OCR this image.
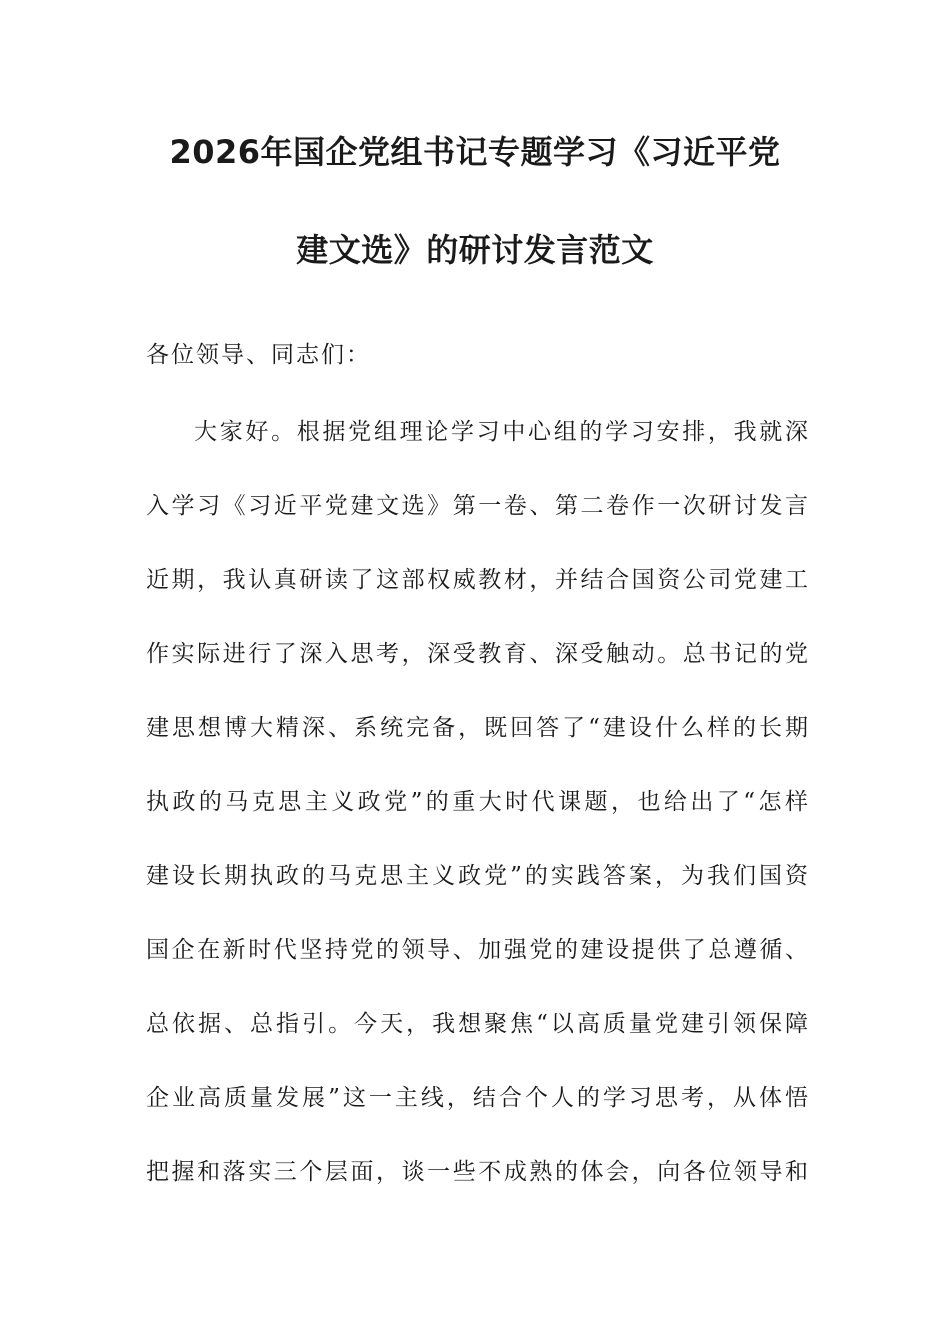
2026年国企党组书记专题学习《习近平党
建文选》的研讨发言范文
各位领导、同志们：
大家好。根据党组理论学习中心组的学习安排，我就深
入学习《习近平党建文选》第一卷、第二卷作一次研讨发言
近期，我认真研读了这部权威教材，并结合国资公司党建工
作实际进行了深入思考，深受教育、深受触动。总书记的党
建思想博大精深、系统完备，既回答了“建设什么样的长期
执政的马克思主义政党”的重大时代课题，也给出了“怎样
建设长期执政的马克思主义政党”的实践答案，为我们国资
国企在新时代坚持党的领导、加强党的建设提供了总遵循、
总依据、总指引。今天，我想聚焦“以高质量党建引领保障
企业高质量发展”这一主线，结合个人的学习思考，从体悟
把握和落实三个层面，谈一些不成熟的体会，向各位领导和
